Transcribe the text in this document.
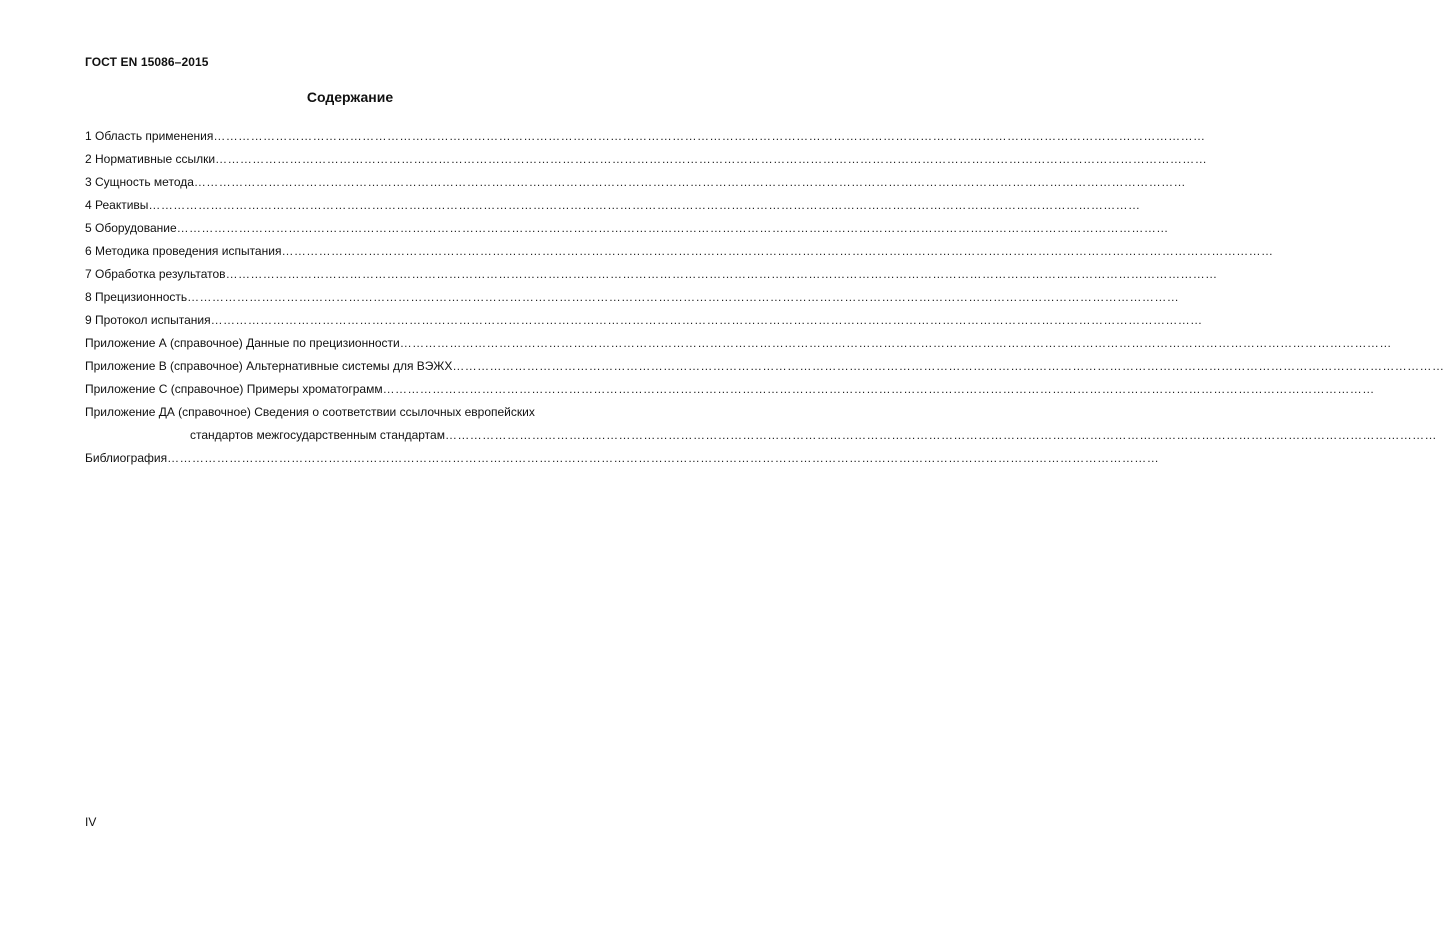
ГОСТ EN 15086–2015
Содержание
1 Область применения ……………………………………………………………………………………………………………………………………………………………………………………………………………………
2 Нормативные ссылки ……………………………………………………………………………………………………………………………………………………………………………………………………………………
3 Сущность метода ……………………………………………………………………………………………………………………………………………………………………………………………………………………
4 Реактивы ……………………………………………………………………………………………………………………………………………………………………………………………………………………
5 Оборудование ……………………………………………………………………………………………………………………………………………………………………………………………………………………
6 Методика проведения испытания ……………………………………………………………………………………………………………………………………………………………………………………………………………………
7 Обработка результатов ……………………………………………………………………………………………………………………………………………………………………………………………………………………
8 Прецизионность ……………………………………………………………………………………………………………………………………………………………………………………………………………………
9 Протокол испытания ……………………………………………………………………………………………………………………………………………………………………………………………………………………
Приложение А (справочное) Данные по прецизионности ……………………………………………………………………………………………………………………………………………………………………………………………………………………
Приложение В (справочное) Альтернативные системы для ВЭЖХ ……………………………………………………………………………………………………………………………………………………………………………………………………………………
Приложение С (справочное) Примеры хроматограмм ……………………………………………………………………………………………………………………………………………………………………………………………………………………
Приложение ДА (справочное) Сведения о соответствии ссылочных европейских
стандартов межгосударственным стандартам ……………………………………………………………………………………………………………………………………………………………………………………………………………………
Библиография ……………………………………………………………………………………………………………………………………………………………………………………………………………………
IV
